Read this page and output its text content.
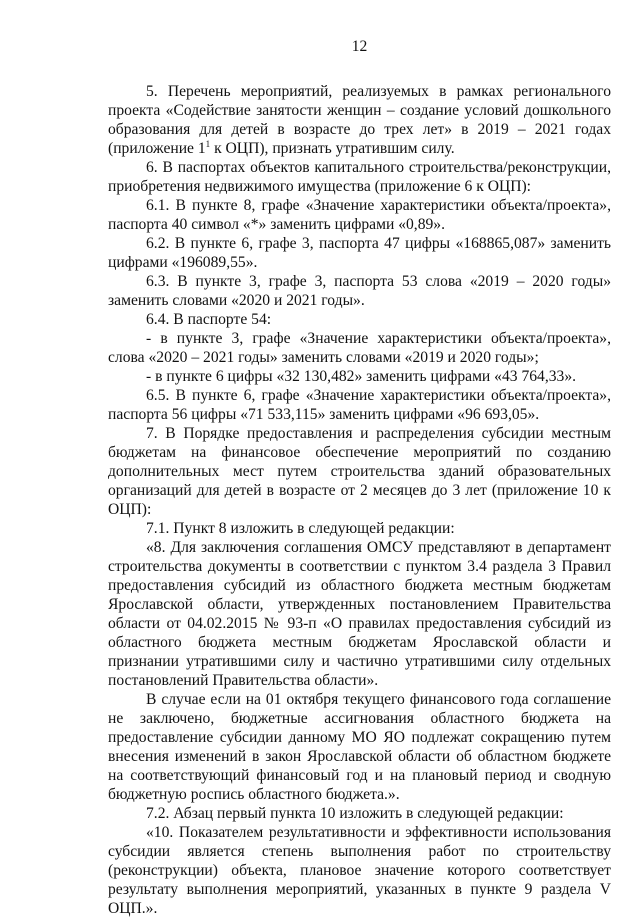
12

5. Перечень мероприятий, реализуемых в рамках регионального проекта «Содействие занятости женщин – создание условий дошкольного образования для детей в возрасте до трех лет» в 2019 – 2021 годах (приложение $1^1$ к ОЦП), признать утратившим силу.

6. В паспортах объектов капитального строительства/реконструкции, приобретения недвижимого имущества (приложение 6 к ОЦП):

6.1. В пункте 8, графе «Значение характеристики объекта/проекта», паспорта 40 символ «*» заменить цифрами «0,89».

6.2. В пункте 6, графе 3, паспорта 47 цифры «168865,087» заменить цифрами «196089,55».

6.3. В пункте 3, графе 3, паспорта 53 слова «2019 – 2020 годы» заменить словами «2020 и 2021 годы».

6.4. В паспорте 54:

- в пункте 3, графе «Значение характеристики объекта/проекта», слова «2020 – 2021 годы» заменить словами «2019 и 2020 годы»;

- в пункте 6 цифры «32 130,482» заменить цифрами «43 764,33».

6.5. В пункте 6, графе «Значение характеристики объекта/проекта», паспорта 56 цифры «71 533,115» заменить цифрами «96 693,05».

7. В Порядке предоставления и распределения субсидии местным бюджетам на финансовое обеспечение мероприятий по созданию дополнительных мест путем строительства зданий образовательных организаций для детей в возрасте от 2 месяцев до 3 лет (приложение 10 к ОЦП):

7.1. Пункт 8 изложить в следующей редакции:

«8. Для заключения соглашения ОМСУ представляют в департамент строительства документы в соответствии с пунктом 3.4 раздела 3 Правил предоставления субсидий из областного бюджета местным бюджетам Ярославской области, утвержденных постановлением Правительства области от 04.02.2015 № 93-п «О правилах предоставления субсидий из областного бюджета местным бюджетам Ярославской области и признании утратившими силу и частично утратившими силу отдельных постановлений Правительства области».

В случае если на 01 октября текущего финансового года соглашение не заключено, бюджетные ассигнования областного бюджета на предоставление субсидии данному МО ЯО подлежат сокращению путем внесения изменений в закон Ярославской области об областном бюджете на соответствующий финансовый год и на плановый период и сводную бюджетную роспись областного бюджета.».

7.2. Абзац первый пункта 10 изложить в следующей редакции:

«10. Показателем результативности и эффективности использования субсидии является степень выполнения работ по строительству (реконструкции) объекта, плановое значение которого соответствует результату выполнения мероприятий, указанных в пункте 9 раздела V ОЦП.».
